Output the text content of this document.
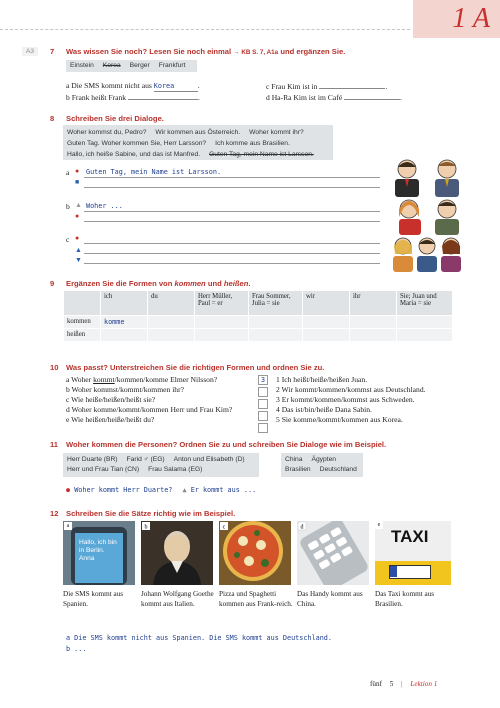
1 A
A3	7 Was wissen Sie noch? Lesen Sie noch einmal → KB S. 7, A1a und ergänzen Sie.
Einstein Korea Berger Frankfurt
a Die SMS kommt nicht aus Korea	.
b Frank heißt Frank	.
c Frau Kim ist in	.
d Ha-Ra Kim ist im Café	.
8 Schreiben Sie drei Dialoge.
Woher kommst du, Pedro? Wir kommen aus Österreich. Woher kommt ihr?
Guten Tag. Woher kommen Sie, Herr Larsson? Ich komme aus Brasilien.
Hallo, ich heiße Sabine, und das ist Manfred. Guten Tag, mein Name ist Larsson.
a ● Guten Tag, mein Name ist Larsson.
■
b ▲ Woher ...
●
c ●
▲
▼
9 Ergänzen Sie die Formen von kommen und heißen.
	ich	du	Herr Müller, Paul = er	Frau Sommer, Julia = sie	wir	ihr	Sie; Juan und Maria = sie
kommen	komme						
heißen							
10 Was passt? Unterstreichen Sie die richtigen Formen und ordnen Sie zu.
a Woher kommt/kommen/komme Elmer Nilsson?
b Woher kommst/kommt/kommen ihr?
c Wie heiße/heißen/heißt sie?
d Woher komme/kommt/kommen Herr und Frau Kim?
e Wie heißen/heiße/heißt du?
3	1 Ich heißt/heiße/heißen Juan.
2 Wir kommt/kommen/kommst aus Deutschland.
3 Er kommt/kommen/kommst aus Schweden.
4 Das ist/bin/heiße Dana Sabin.
5 Sie komme/kommt/kommen aus Korea.
11 Woher kommen die Personen? Ordnen Sie zu und schreiben Sie Dialoge wie im Beispiel.
Herr Duarte (BR) Farid ♂ (EG) Anton und Elisabeth (D)
Herr und Frau Tian (CN) Frau Salama (EG)
China Ägypten
Brasilien Deutschland
● Woher kommt Herr Duarte? ▲ Er kommt aus ...
12 Schreiben Sie die Sätze richtig wie im Beispiel.
Hallo, ich bin in Berlin. Anna
a	b	c	d	e
TAXI
Die SMS kommt aus Spanien.
Johann Wolfgang Goethe kommt aus Italien.
Pizza und Spaghetti kommen aus Frank-reich.
Das Handy kommt aus China.
Das Taxi kommt aus Brasilien.
a Die SMS kommt nicht aus Spanien. Die SMS kommt aus Deutschland.
b ...
fünf 5 | Lektion 1
